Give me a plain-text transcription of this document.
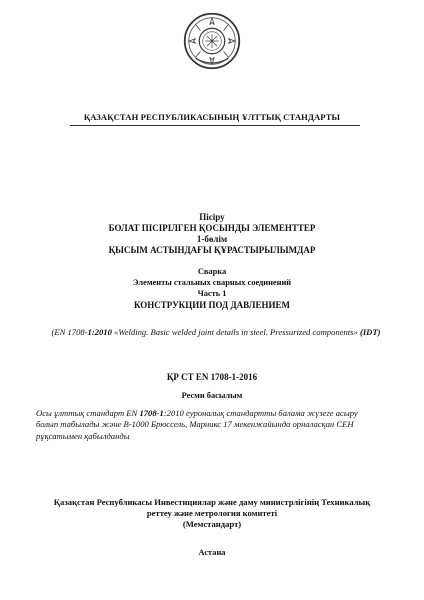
ҚАЗАҚСТАН РЕСПУБЛИКАСЫНЫҢ ҰЛТТЫҚ СТАНДАРТЫ
Пісіру
БОЛАТ ПІСІРІЛГЕН ҚОСЫНДЫ ЭЛЕМЕНТТЕР
1-бөлім
ҚЫСЫМ АСТЫНДАҒЫ ҚҰРАСТЫРЫЛЫМДАР
Сварка
Элементы стальных сварных соединений
Часть 1
КОНСТРУКЦИИ ПОД ДАВЛЕНИЕМ
(EN 1708-1:2010 «Welding. Basic welded joint details in steel. Pressurized components» (IDT)
ҚР СТ EN 1708-1-2016
Ресми басылым
Осы ұлттық стандарт EN 1708-1:2010 еуроналық стандартты балама жүзеге асыру
болып табылады және B-1000 Брюссель, Марникс 17 мекенжайында орналасқан СЕН
рұқсатымен қабылданды
Қазақстан Республикасы Инвестициялар және даму министрлігінің Техникалық
реттеу және метрология комитеті
(Мемстандарт)
Астана
